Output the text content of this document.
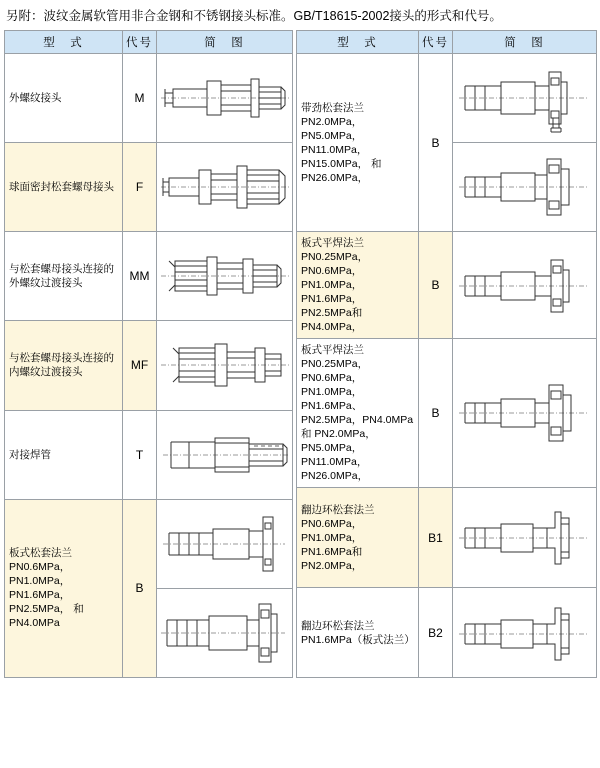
另附：波纹金属软管用非合金钢和不锈钢接头标准。GB/T18615-2002接头的形式和代号。
型　式	代号	简　图
外螺纹接头	M	

球面密封松套螺母接头	F	

与松套螺母接头连接的外螺纹过渡接头	MM	

与松套螺母接头连接的内螺纹过渡接头	MF	

对接焊管	T	

板式松套法兰 PN0.6MPa，PN1.0MPa， PN1.6MPa，PN2.5MPa， 和PN4.0MPa	B	

型　式	代号	简　图
带劲松套法兰 PN2.0MPa，PN5.0MPa， PN11.0MPa，PN15.0MPa， 和PN26.0MPa，	B	

板式平焊法兰 PN0.25MPa，PN0.6MPa， PN1.0MPa，PN1.6MPa， PN2.5MPa和PN4.0MPa，	B	

板式平焊法兰 PN0.25MPa，PN0.6MPa， PN1.0MPa，PN1.6MPa、 PN2.5MPa，PN4.0MPa和 PN2.0MPa，PN5.0MPa， PN11.0MPa，PN26.0MPa，	B	

翻边环松套法兰 PN0.6MPa，PN1.0MPa， PN1.6MPa和PN2.0MPa，	B1	

翻边环松套法兰 PN1.6MPa（板式法兰）	B2	
